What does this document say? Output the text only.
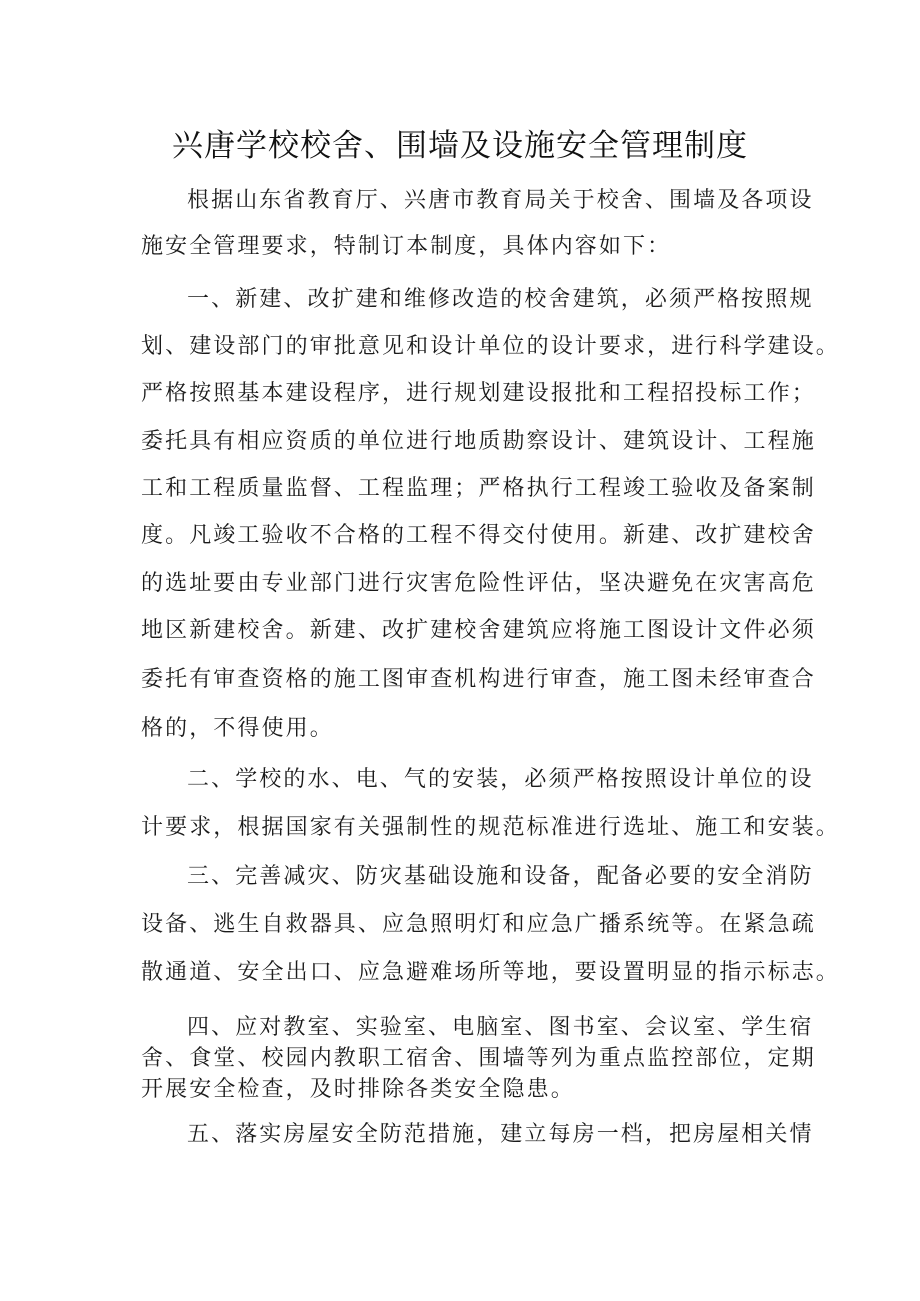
兴唐学校校舍、围墙及设施安全管理制度
根据山东省教育厅、兴唐市教育局关于校舍、围墙及各项设
施安全管理要求，特制订本制度，具体内容如下：
一、新建、改扩建和维修改造的校舍建筑，必须严格按照规
划、建设部门的审批意见和设计单位的设计要求，进行科学建设。
严格按照基本建设程序，进行规划建设报批和工程招投标工作；
委托具有相应资质的单位进行地质勘察设计、建筑设计、工程施
工和工程质量监督、工程监理；严格执行工程竣工验收及备案制
度。凡竣工验收不合格的工程不得交付使用。新建、改扩建校舍
的选址要由专业部门进行灾害危险性评估，坚决避免在灾害高危
地区新建校舍。新建、改扩建校舍建筑应将施工图设计文件必须
委托有审查资格的施工图审查机构进行审查，施工图未经审查合
格的，不得使用。
二、学校的水、电、气的安装，必须严格按照设计单位的设
计要求，根据国家有关强制性的规范标准进行选址、施工和安装。
三、完善减灾、防灾基础设施和设备，配备必要的安全消防
设备、逃生自救器具、应急照明灯和应急广播系统等。在紧急疏
散通道、安全出口、应急避难场所等地，要设置明显的指示标志。
四、应对教室、实验室、电脑室、图书室、会议室、学生宿
舍、食堂、校园内教职工宿舍、围墙等列为重点监控部位，定期
开展安全检查，及时排除各类安全隐患。
五、落实房屋安全防范措施，建立每房一档，把房屋相关情
